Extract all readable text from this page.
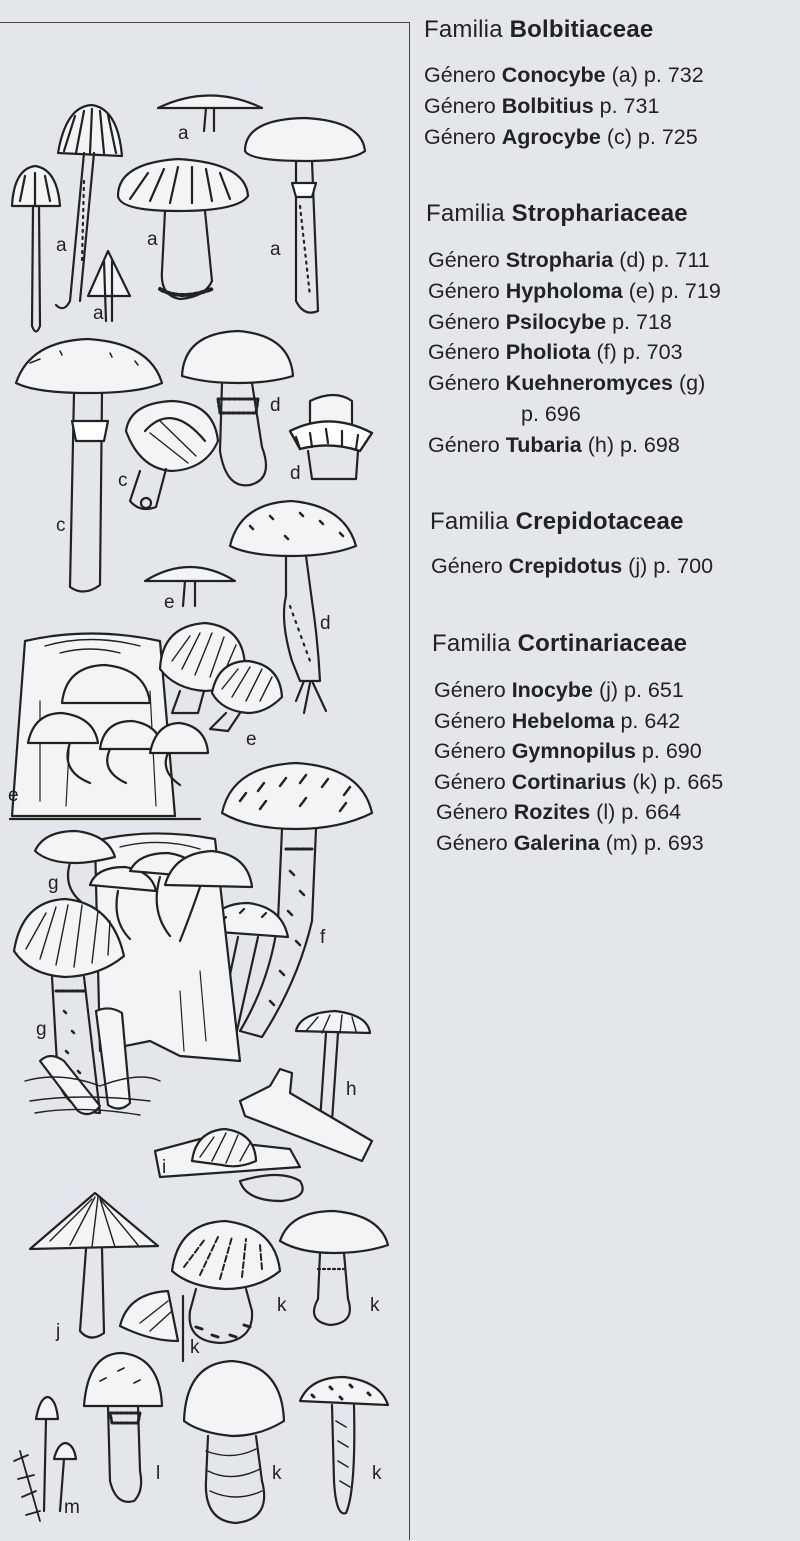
a
a	a	a
a
d
c	d
c
e
d
e
e
g
f
g
h
i
j
k	k
k
l	k	k
m
Familia Bolbitiaceae
Género Conocybe (a) p. 732
Género Bolbitius p. 731
Género Agrocybe (c) p. 725
Familia Strophariaceae
Género Stropharia (d) p. 711
Género Hypholoma (e) p. 719
Género Psilocybe p. 718
Género Pholiota (f) p. 703
Género Kuehneromyces (g)
p. 696
Género Tubaria (h) p. 698
Familia Crepidotaceae
Género Crepidotus (j) p. 700
Familia Cortinariaceae
Género Inocybe (j) p. 651
Género Hebeloma p. 642
Género Gymnopilus p. 690
Género Cortinarius (k) p. 665
Género Rozites (l) p. 664
Género Galerina (m) p. 693
